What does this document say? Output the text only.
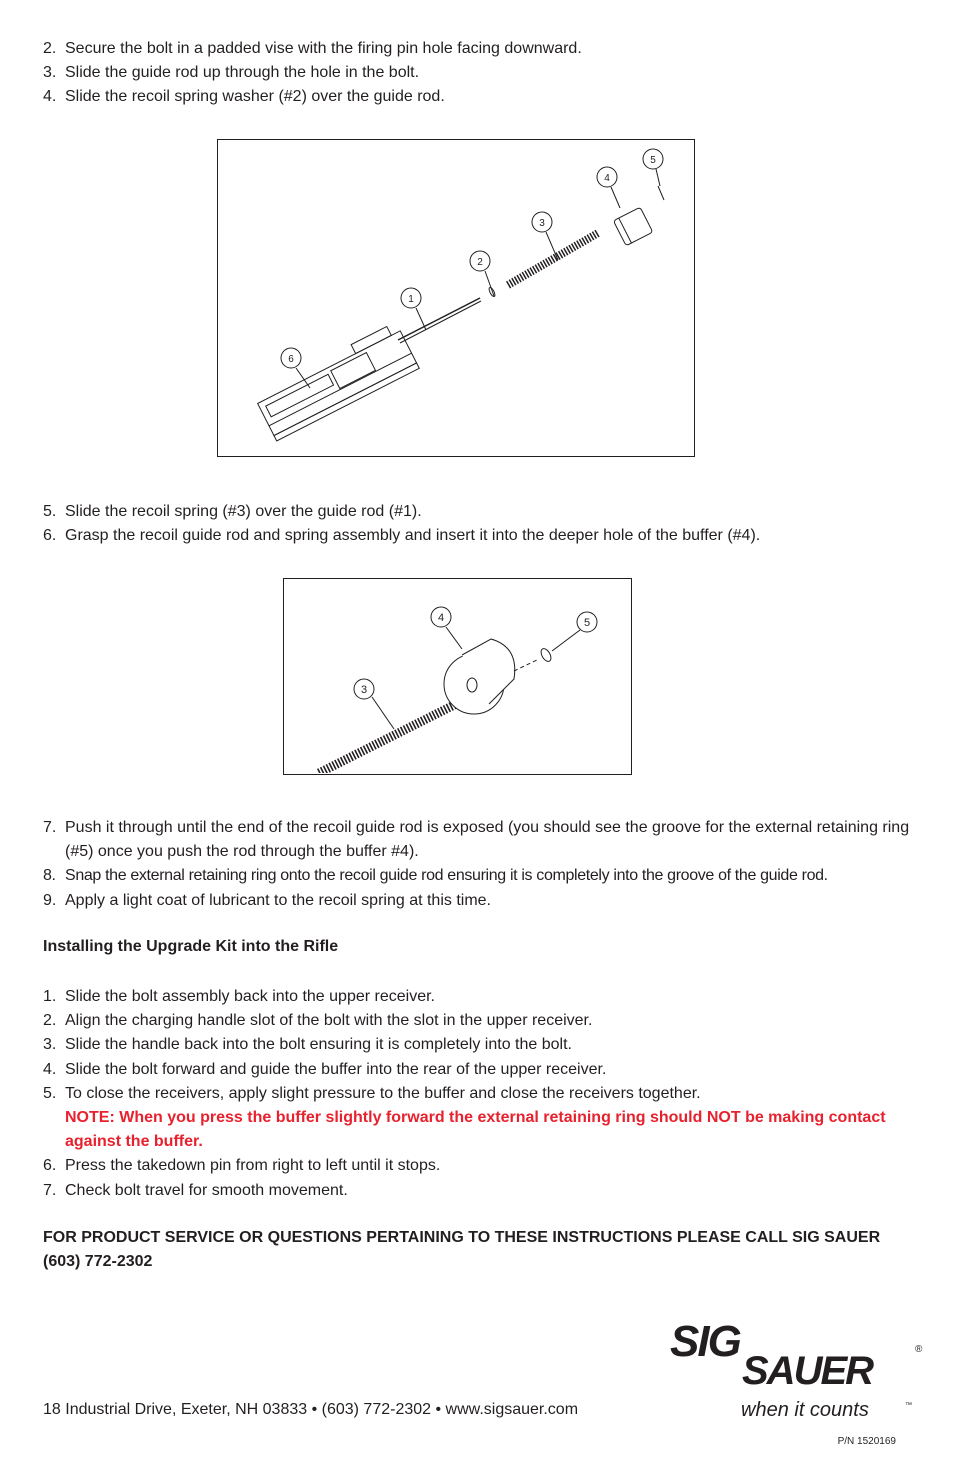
2. Secure the bolt in a padded vise with the firing pin hole facing downward.
3. Slide the guide rod up through the hole in the bolt.
4. Slide the recoil spring washer (#2) over the guide rod.
6
1
2
3
4
5
5. Slide the recoil spring (#3) over the guide rod (#1).
6. Grasp the recoil guide rod and spring assembly and insert it into the deeper hole of the buffer (#4).
4	5
3
7. Push it through until the end of the recoil guide rod is exposed (you should see the groove for the external retaining ring (#5) once you push the rod through the buffer #4).
8. Snap the external retaining ring onto the recoil guide rod ensuring it is completely into the groove of the guide rod.
9. Apply a light coat of lubricant to the recoil spring at this time.
Installing the Upgrade Kit into the Rifle
1. Slide the bolt assembly back into the upper receiver.
2. Align the charging handle slot of the bolt with the slot in the upper receiver.
3. Slide the handle back into the bolt ensuring it is completely into the bolt.
4. Slide the bolt forward and guide the buffer into the rear of the upper receiver.
5. To close the receivers, apply slight pressure to the buffer and close the receivers together.
NOTE: When you press the buffer slightly forward the external retaining ring should NOT be making contact against the buffer.
6. Press the takedown pin from right to left until it stops.
7. Check bolt travel for smooth movement.
FOR PRODUCT SERVICE OR QUESTIONS PERTAINING TO THESE INSTRUCTIONS PLEASE CALL SIG SAUER (603) 772-2302
18 Industrial Drive, Exeter, NH 03833 • (603) 772-2302 • www.sigsauer.com
SIG
SAUER	®
when it counts	™
P/N 1520169
